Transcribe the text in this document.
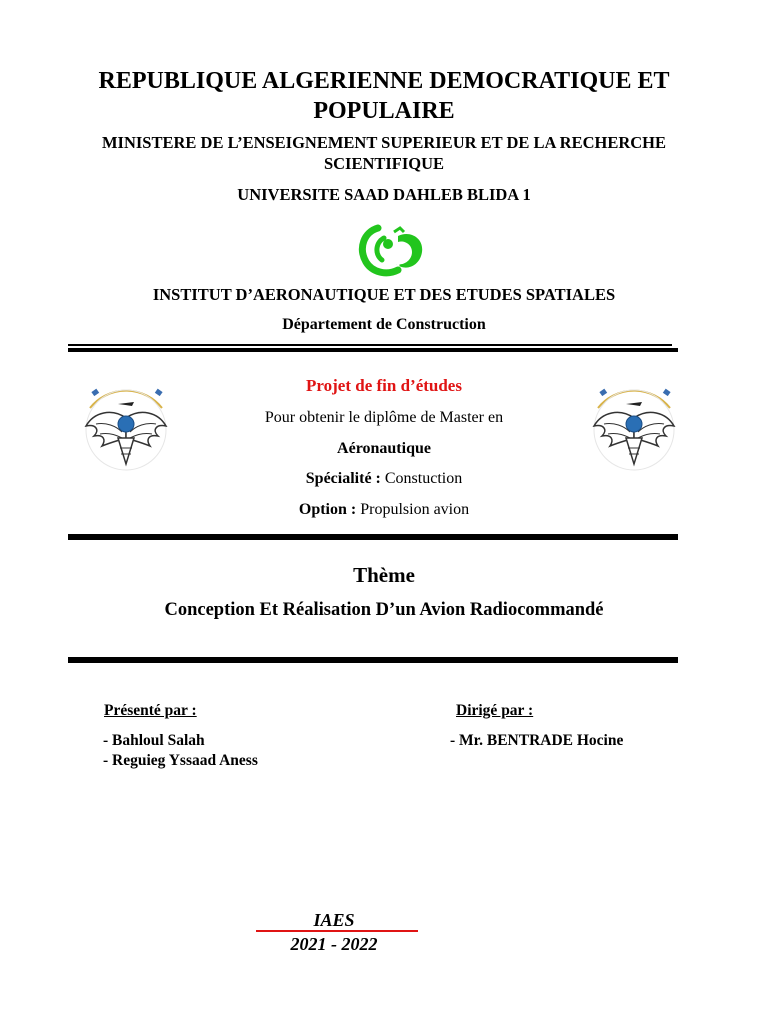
REPUBLIQUE ALGERIENNE DEMOCRATIQUE ET POPULAIRE
MINISTERE DE L’ENSEIGNEMENT SUPERIEUR ET DE LA RECHERCHE SCIENTIFIQUE
UNIVERSITE SAAD DAHLEB BLIDA 1
INSTITUT D’AERONAUTIQUE ET DES ETUDES SPATIALES
Département de Construction
Projet de fin d’études
Pour obtenir le diplôme de Master en
Aéronautique
Spécialité : Constuction
Option : Propulsion avion
Thème
Conception Et Réalisation D’un Avion Radiocommandé
Présenté par :	Dirigé par :
- Bahloul Salah
- Reguieg Yssaad Aness
- Mr. BENTRADE Hocine
IAES
2021 - 2022
